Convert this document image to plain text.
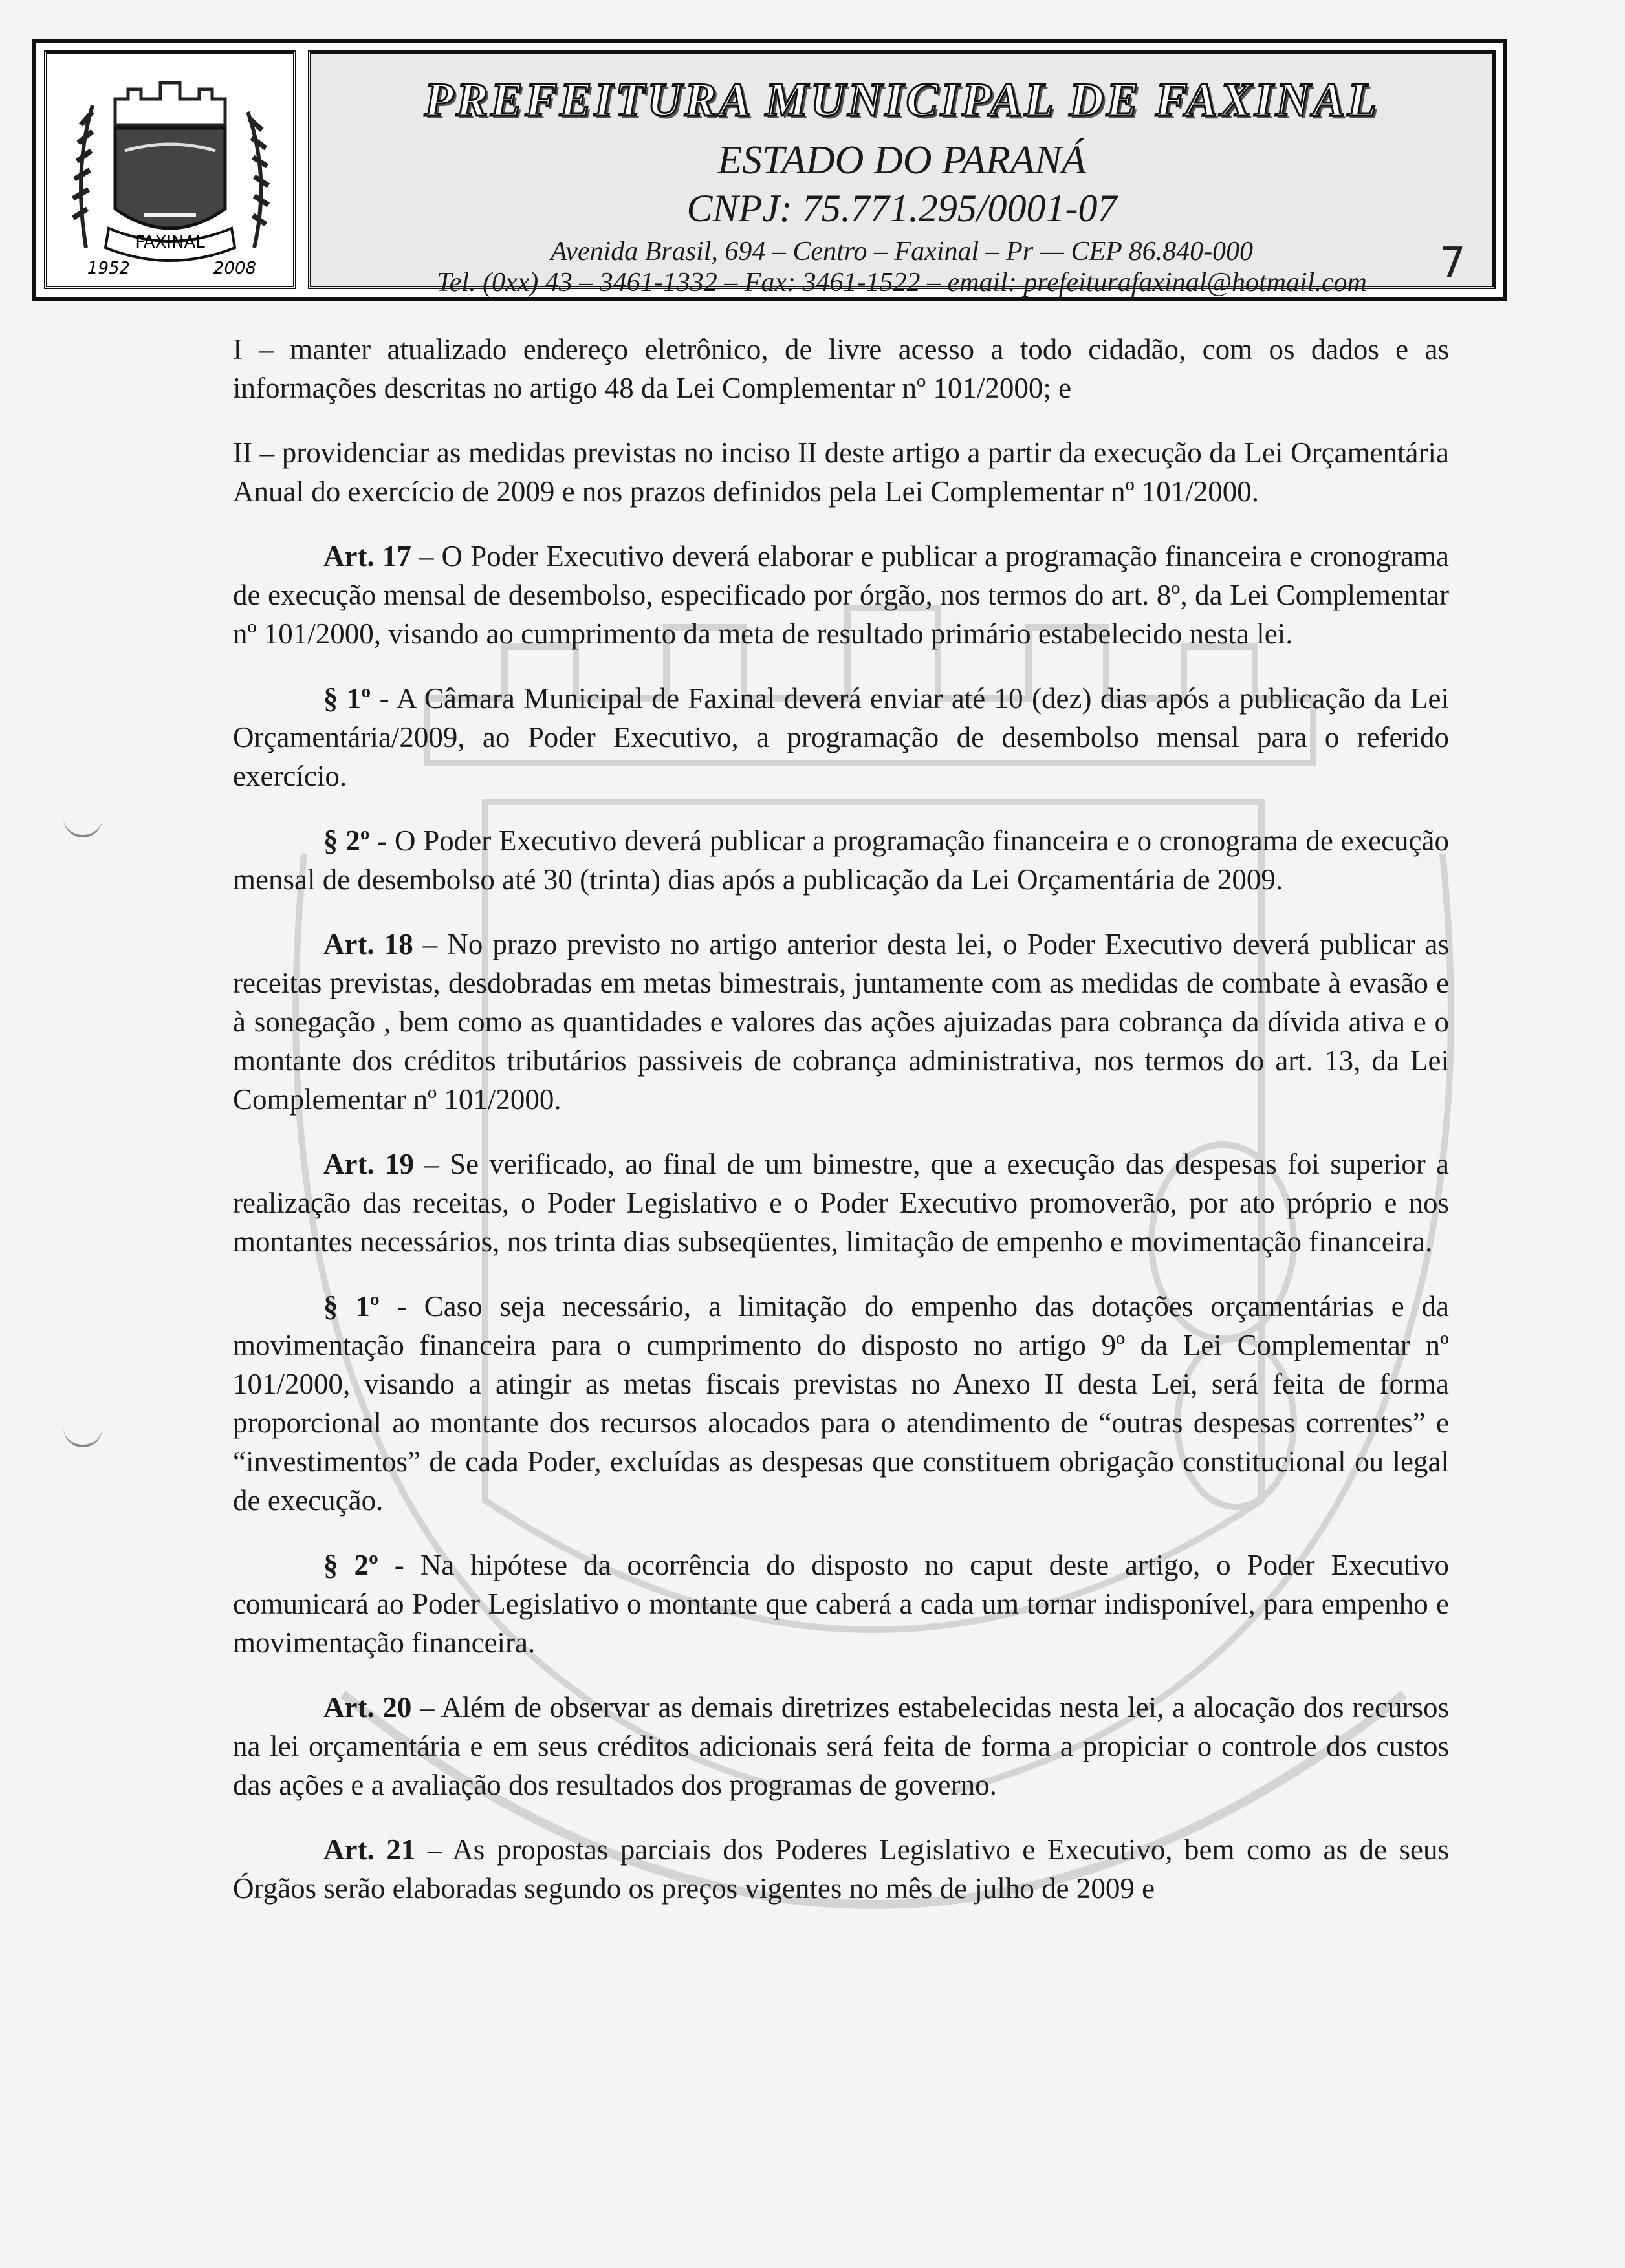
FAXINAL
1952	2008
PREFEITURA MUNICIPAL DE FAXINAL
ESTADO DO PARANÁ
CNPJ: 75.771.295/0001-07
Avenida Brasil, 694 – Centro – Faxinal – Pr — CEP 86.840-000
Tel. (0xx) 43 – 3461-1332 – Fax: 3461-1522 – email: prefeiturafaxinal@hotmail.com	7

I – manter atualizado endereço eletrônico, de livre acesso a todo cidadão, com os dados e as informações descritas no artigo 48 da Lei Complementar nº 101/2000; e

II – providenciar as medidas previstas no inciso II deste artigo a partir da execução da Lei Orçamentária Anual do exercício de 2009 e nos prazos definidos pela Lei Complementar nº 101/2000.

Art. 17 – O Poder Executivo deverá elaborar e publicar a programação financeira e cronograma de execução mensal de desembolso, especificado por órgão, nos termos do art. 8º, da Lei Complementar nº 101/2000, visando ao cumprimento da meta de resultado primário estabelecido nesta lei.

§ 1º - A Câmara Municipal de Faxinal deverá enviar até 10 (dez) dias após a publicação da Lei Orçamentária/2009, ao Poder Executivo, a programação de desembolso mensal para o referido exercício.

§ 2º - O Poder Executivo deverá publicar a programação financeira e o cronograma de execução mensal de desembolso até 30 (trinta) dias após a publicação da Lei Orçamentária de 2009.

Art. 18 – No prazo previsto no artigo anterior desta lei, o Poder Executivo deverá publicar as receitas previstas, desdobradas em metas bimestrais, juntamente com as medidas de combate à evasão e à sonegação , bem como as quantidades e valores das ações ajuizadas para cobrança da dívida ativa e o montante dos créditos tributários passiveis de cobrança administrativa, nos termos do art. 13, da Lei Complementar nº 101/2000.

Art. 19 – Se verificado, ao final de um bimestre, que a execução das despesas foi superior a realização das receitas, o Poder Legislativo e o Poder Executivo promoverão, por ato próprio e nos montantes necessários, nos trinta dias subseqüentes, limitação de empenho e movimentação financeira.

§ 1º - Caso seja necessário, a limitação do empenho das dotações orçamentárias e da movimentação financeira para o cumprimento do disposto no artigo 9º da Lei Complementar nº 101/2000, visando a atingir as metas fiscais previstas no Anexo II desta Lei, será feita de forma proporcional ao montante dos recursos alocados para o atendimento de “outras despesas correntes” e “investimentos” de cada Poder, excluídas as despesas que constituem obrigação constitucional ou legal de execução.

§ 2º - Na hipótese da ocorrência do disposto no caput deste artigo, o Poder Executivo comunicará ao Poder Legislativo o montante que caberá a cada um tornar indisponível, para empenho e movimentação financeira.

Art. 20 – Além de observar as demais diretrizes estabelecidas nesta lei, a alocação dos recursos na lei orçamentária e em seus créditos adicionais será feita de forma a propiciar o controle dos custos das ações e a avaliação dos resultados dos programas de governo.

Art. 21 – As propostas parciais dos Poderes Legislativo e Executivo, bem como as de seus Órgãos serão elaboradas segundo os preços vigentes no mês de julho de 2009 e
